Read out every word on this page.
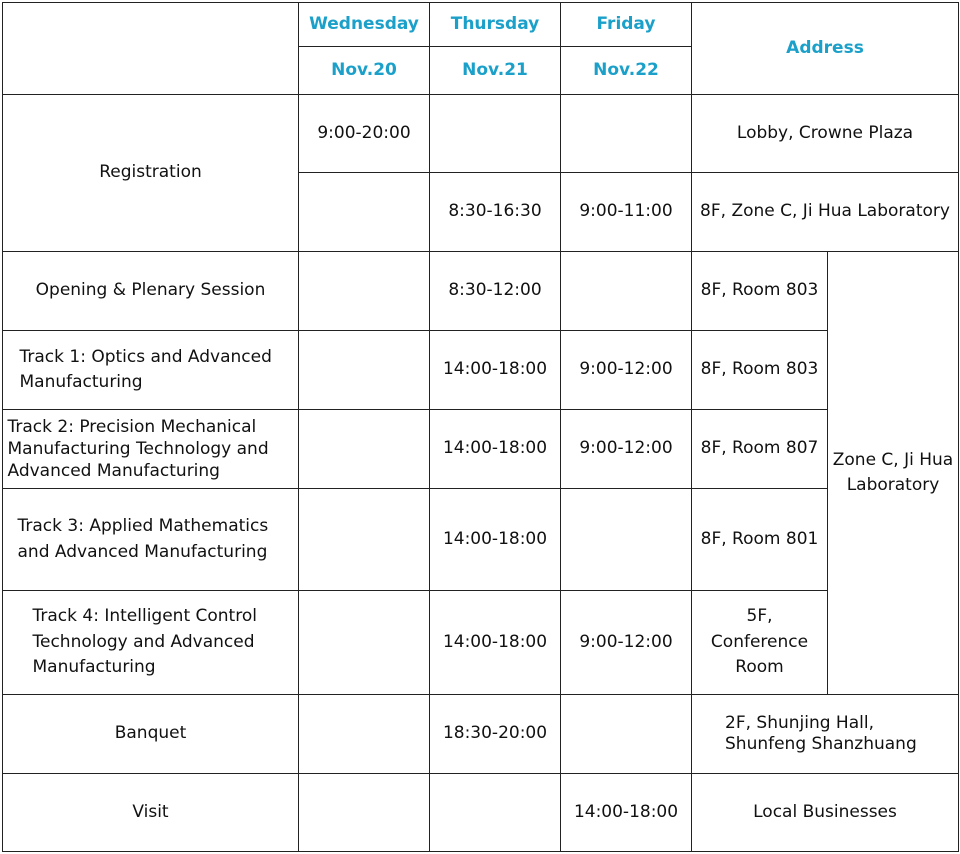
	Wednesday	Thursday	Friday	Address	
	Nov.20	Nov.21	Nov.22		
Registration	9:00-20:00			Lobby, Crowne Plaza	
		8:30-16:30	9:00-11:00	8F, Zone C, Ji Hua Laboratory	
Opening & Plenary Session		8:30-12:00		8F, Room 803	Zone C, Ji Hua Laboratory
Track 1: Optics and Advanced Manufacturing		14:00-18:00	9:00-12:00	8F, Room 803	
Track 2: Precision Mechanical Manufacturing Technology and Advanced Manufacturing		14:00-18:00	9:00-12:00	8F, Room 807	
Track 3: Applied Mathematics and Advanced Manufacturing		14:00-18:00		8F, Room 801	
Track 4: Intelligent Control Technology and Advanced Manufacturing		14:00-18:00	9:00-12:00	5F, Conference Room	
Banquet		18:30-20:00		2F, Shunjing Hall, Shunfeng Shanzhuang	
Visit			14:00-18:00	Local Businesses	
